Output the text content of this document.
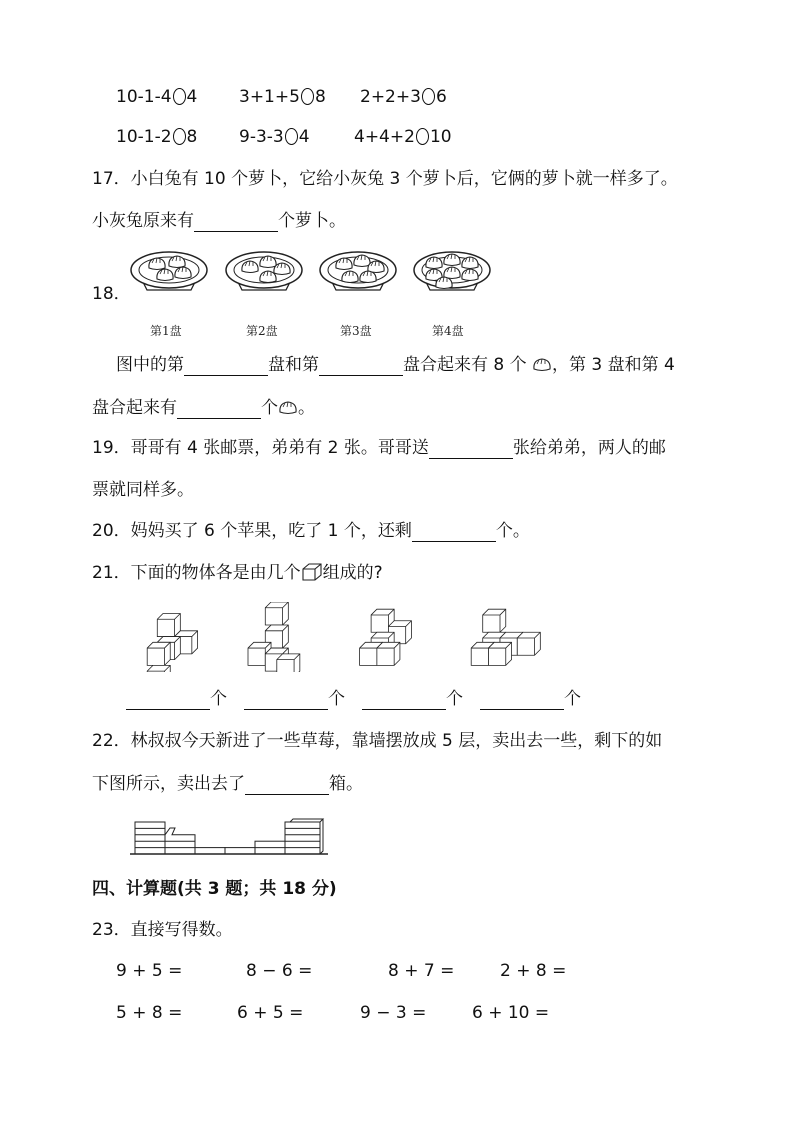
10-1-4 4 3+1+5 8 2+2+3 6
10-1-2 8 9-3-3 4	4+4+2 10
17．小白兔有 10 个萝卜，它给小灰兔 3 个萝卜后，它俩的萝卜就一样多了。
小灰兔原来有	个萝卜。
18．
第1盘	第2盘	第3盘	第4盘
图中的第	盘和第	盘合起来有 8 个 ，第 3 盘和第 4
盘合起来有	个 。
19．哥哥有 4 张邮票，弟弟有 2 张。哥哥送	张给弟弟，两人的邮
票就同样多。
20．妈妈买了 6 个苹果，吃了 1 个，还剩	个。
21．下面的物体各是由几个 组成的?
个	个	个	个
22．林叔叔今天新进了一些草莓，靠墙摆放成 5 层，卖出去一些，剩下的如
下图所示，卖出去了	箱。
四、计算题(共 3 题；共 18 分)
23．直接写得数。
9 + 5 =	8 − 6 =	8 + 7 =	2 + 8 =
5 + 8 =	6 + 5 =	9 − 3 =	6 + 10 =
